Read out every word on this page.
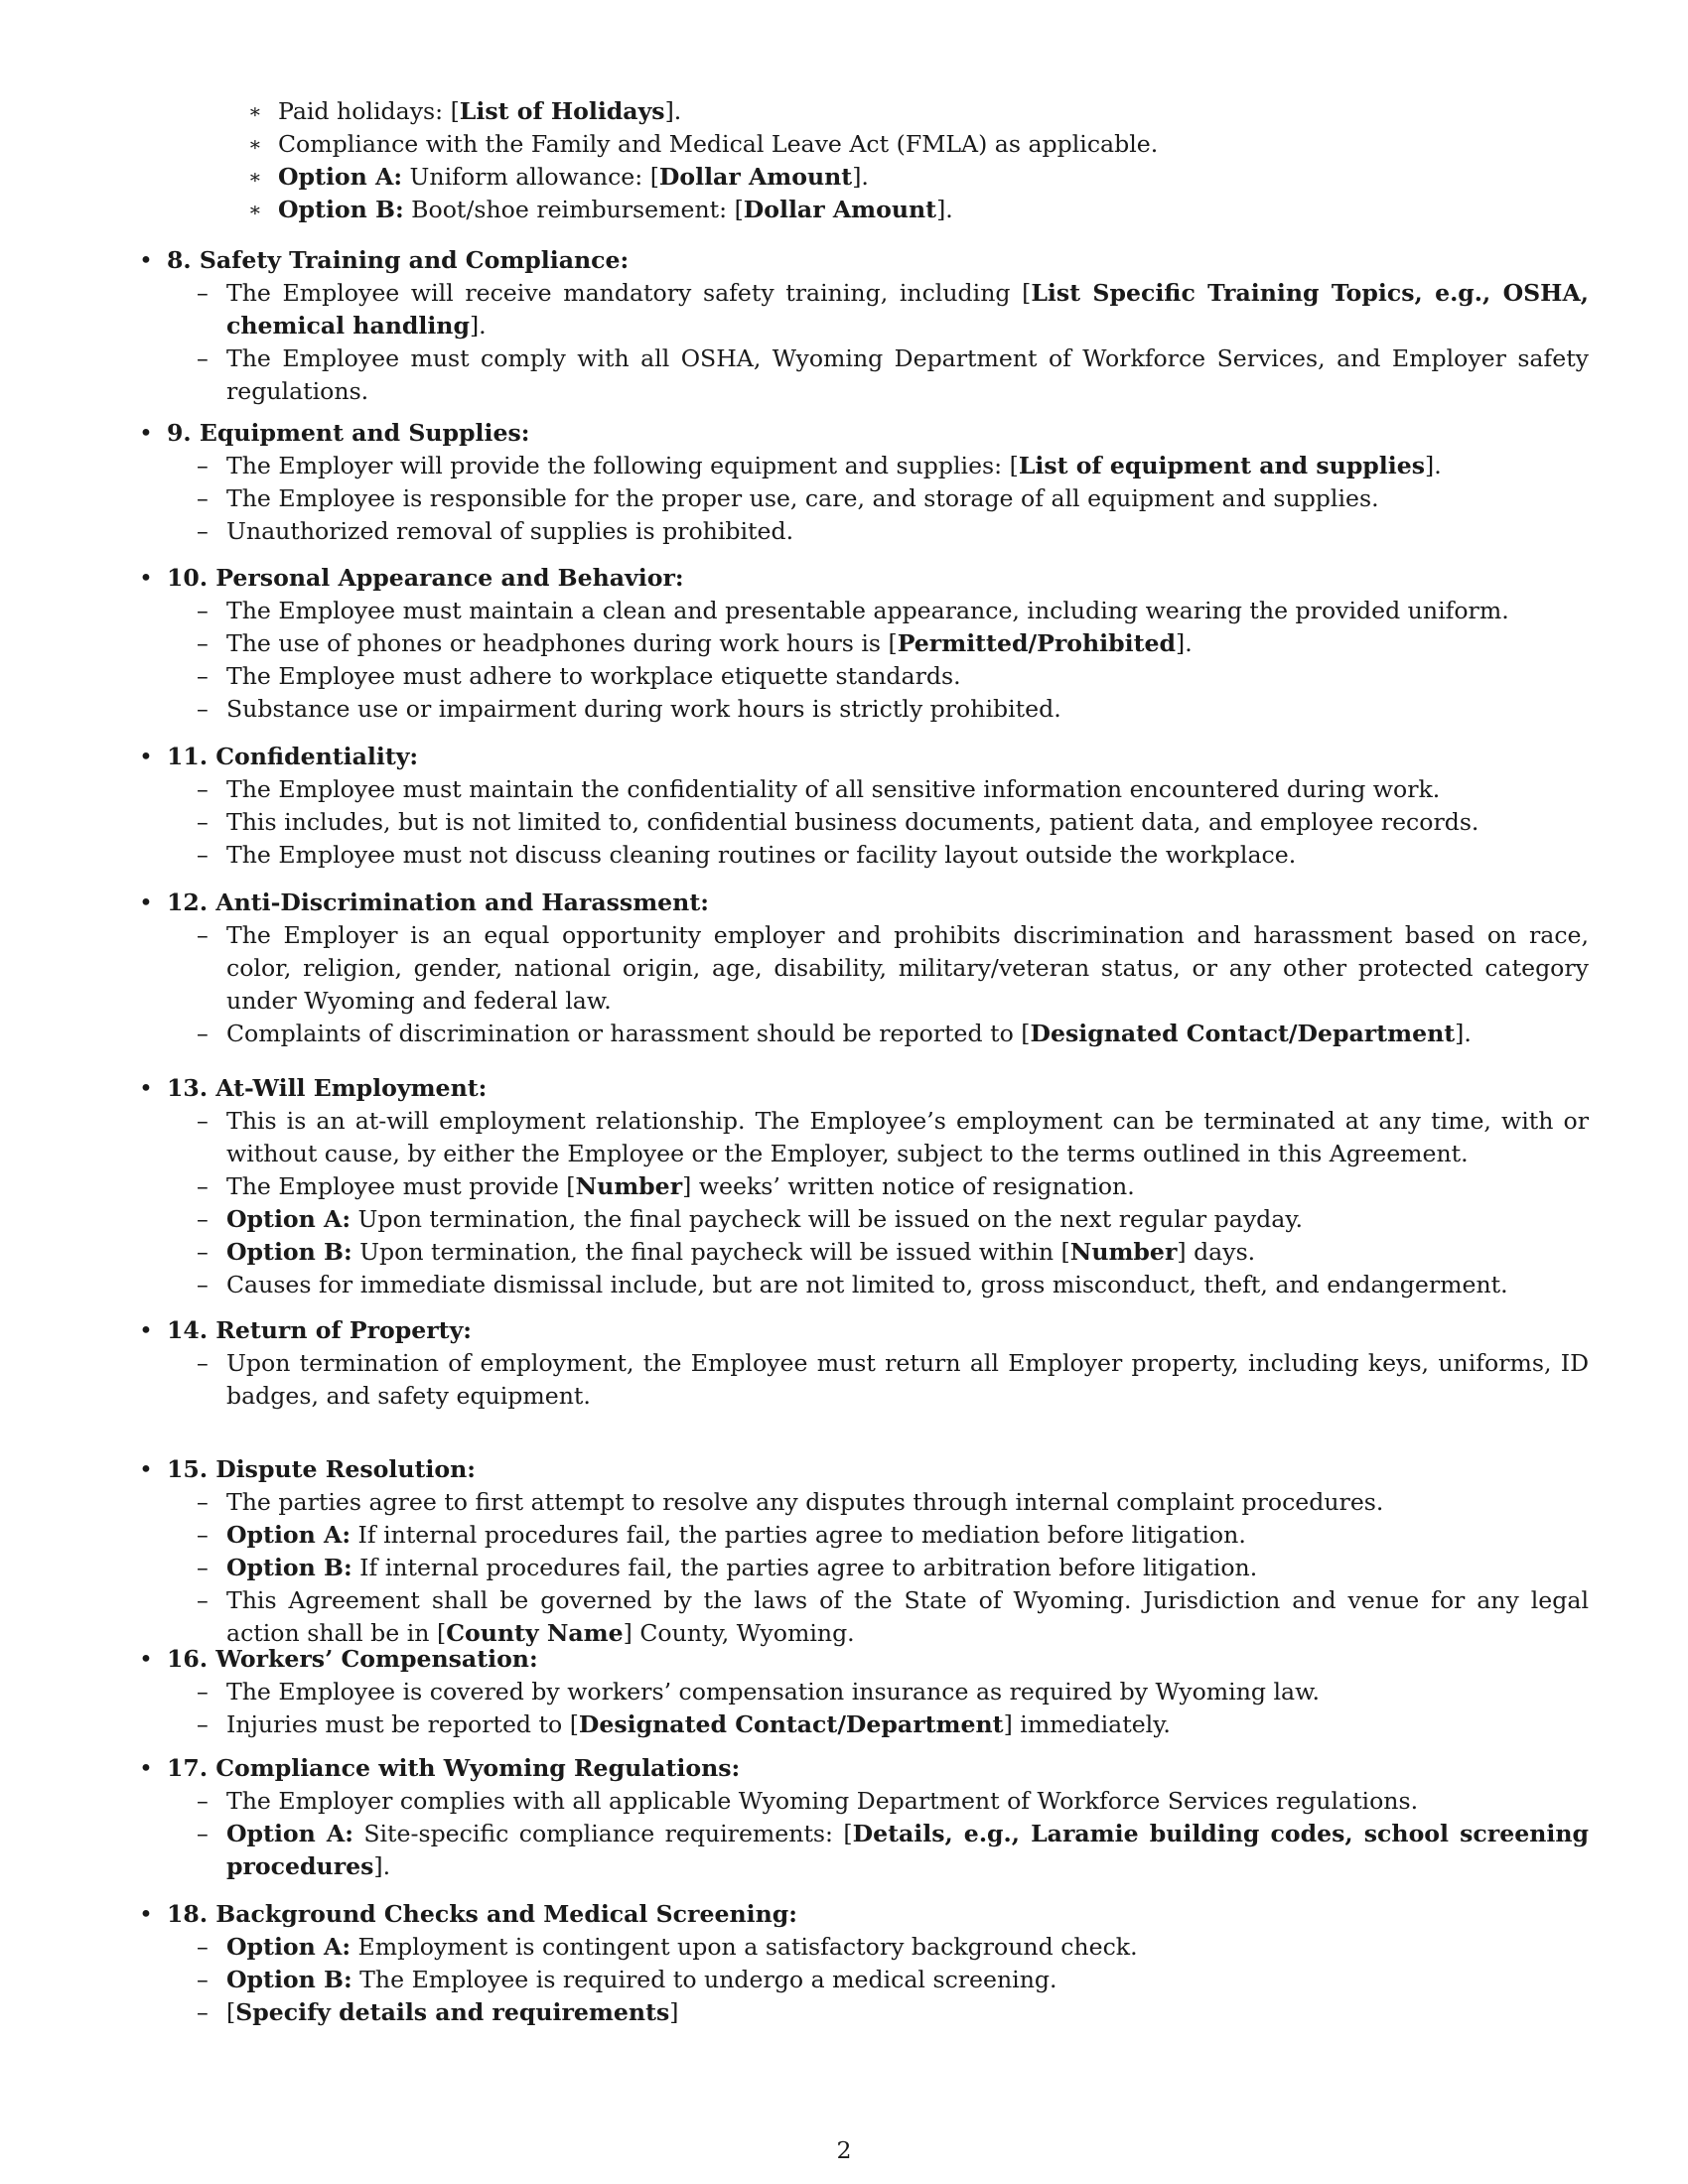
∗ Paid holidays: [List of Holidays].
∗ Compliance with the Family and Medical Leave Act (FMLA) as applicable.
∗ Option A: Uniform allowance: [Dollar Amount].
∗ Option B: Boot/shoe reimbursement: [Dollar Amount].
• 8. Safety Training and Compliance:
– The Employee will receive mandatory safety training, including [List Specific Training Topics, e.g., OSHA, chemical handling].
– The Employee must comply with all OSHA, Wyoming Department of Workforce Services, and Employer safety regulations.
• 9. Equipment and Supplies:
– The Employer will provide the following equipment and supplies: [List of equipment and supplies].
– The Employee is responsible for the proper use, care, and storage of all equipment and supplies.
– Unauthorized removal of supplies is prohibited.
• 10. Personal Appearance and Behavior:
– The Employee must maintain a clean and presentable appearance, including wearing the provided uniform.
– The use of phones or headphones during work hours is [Permitted/Prohibited].
– The Employee must adhere to workplace etiquette standards.
– Substance use or impairment during work hours is strictly prohibited.
• 11. Confidentiality:
– The Employee must maintain the confidentiality of all sensitive information encountered during work.
– This includes, but is not limited to, confidential business documents, patient data, and employee records.
– The Employee must not discuss cleaning routines or facility layout outside the workplace.
• 12. Anti-Discrimination and Harassment:
– The Employer is an equal opportunity employer and prohibits discrimination and harassment based on race, color, religion, gender, national origin, age, disability, military/veteran status, or any other protected category under Wyoming and federal law.
– Complaints of discrimination or harassment should be reported to [Designated Contact/Department].
• 13. At-Will Employment:
– This is an at-will employment relationship. The Employee’s employment can be terminated at any time, with or without cause, by either the Employee or the Employer, subject to the terms outlined in this Agreement.
– The Employee must provide [Number] weeks’ written notice of resignation.
– Option A: Upon termination, the final paycheck will be issued on the next regular payday.
– Option B: Upon termination, the final paycheck will be issued within [Number] days.
– Causes for immediate dismissal include, but are not limited to, gross misconduct, theft, and endangerment.
• 14. Return of Property:
– Upon termination of employment, the Employee must return all Employer property, including keys, uniforms, ID badges, and safety equipment.
• 15. Dispute Resolution:
– The parties agree to first attempt to resolve any disputes through internal complaint procedures.
– Option A: If internal procedures fail, the parties agree to mediation before litigation.
– Option B: If internal procedures fail, the parties agree to arbitration before litigation.
– This Agreement shall be governed by the laws of the State of Wyoming. Jurisdiction and venue for any legal action shall be in [County Name] County, Wyoming.
• 16. Workers’ Compensation:
– The Employee is covered by workers’ compensation insurance as required by Wyoming law.
– Injuries must be reported to [Designated Contact/Department] immediately.
• 17. Compliance with Wyoming Regulations:
– The Employer complies with all applicable Wyoming Department of Workforce Services regulations.
– Option A: Site-specific compliance requirements: [Details, e.g., Laramie building codes, school screening procedures].
• 18. Background Checks and Medical Screening:
– Option A: Employment is contingent upon a satisfactory background check.
– Option B: The Employee is required to undergo a medical screening.
– [Specify details and requirements]
2
